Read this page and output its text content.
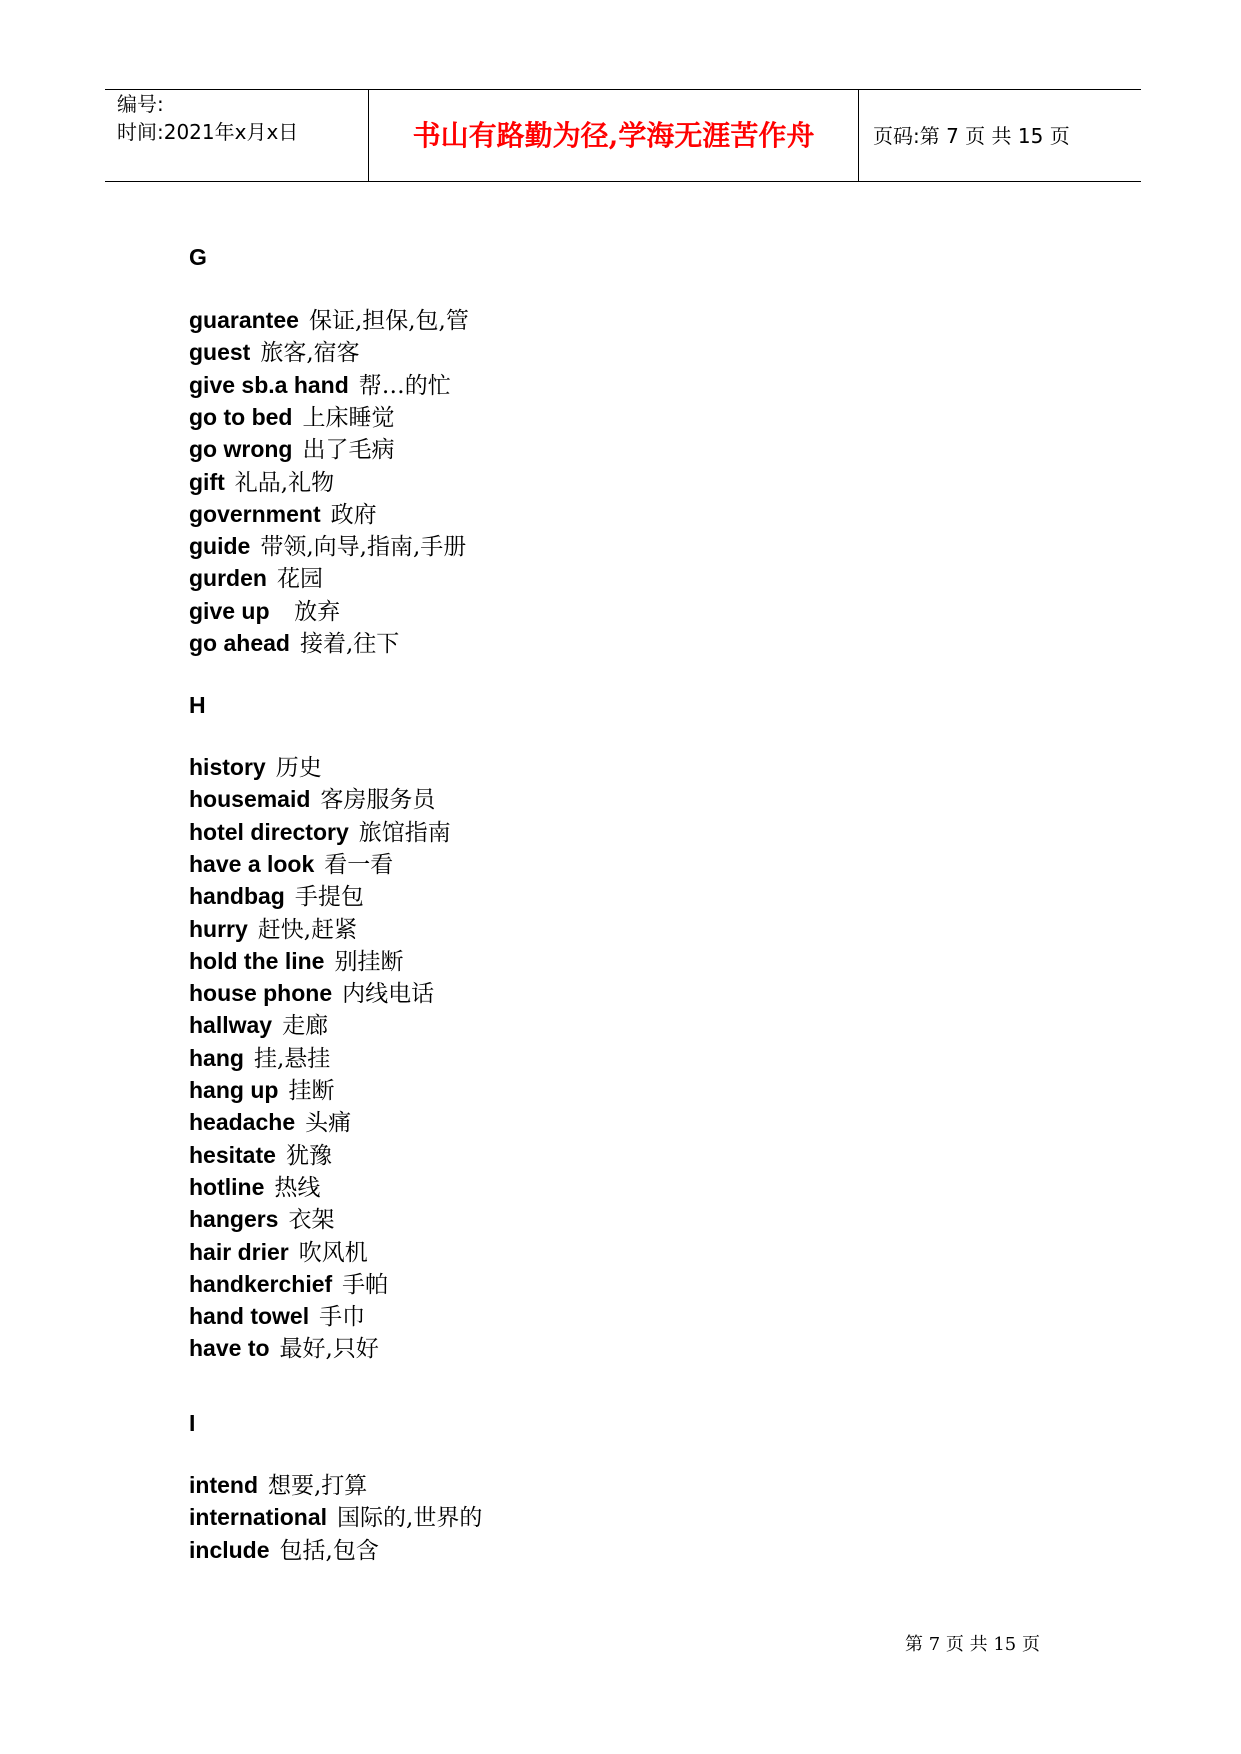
编号:
时间:2021年x月x日	书山有路勤为径,学海无涯苦作舟	页码:第 7 页 共 15 页
G
guarantee 保证,担保,包,管
guest 旅客,宿客
give sb.a hand 帮…的忙
go to bed 上床睡觉
go wrong 出了毛病
gift 礼品,礼物
government 政府
guide 带领,向导,指南,手册
gurden 花园
give up  放弃
go ahead 接着,往下
H
history 历史
housemaid 客房服务员
hotel directory 旅馆指南
have a look 看一看
handbag 手提包
hurry 赶快,赶紧
hold the line 别挂断
house phone 内线电话
hallway 走廊
hang 挂,悬挂
hang up 挂断
headache 头痛
hesitate 犹豫
hotline 热线
hangers 衣架
hair drier 吹风机
handkerchief 手帕
hand towel 手巾
have to 最好,只好
I
intend 想要,打算
international 国际的,世界的
include 包括,包含
第 7 页 共 15 页
